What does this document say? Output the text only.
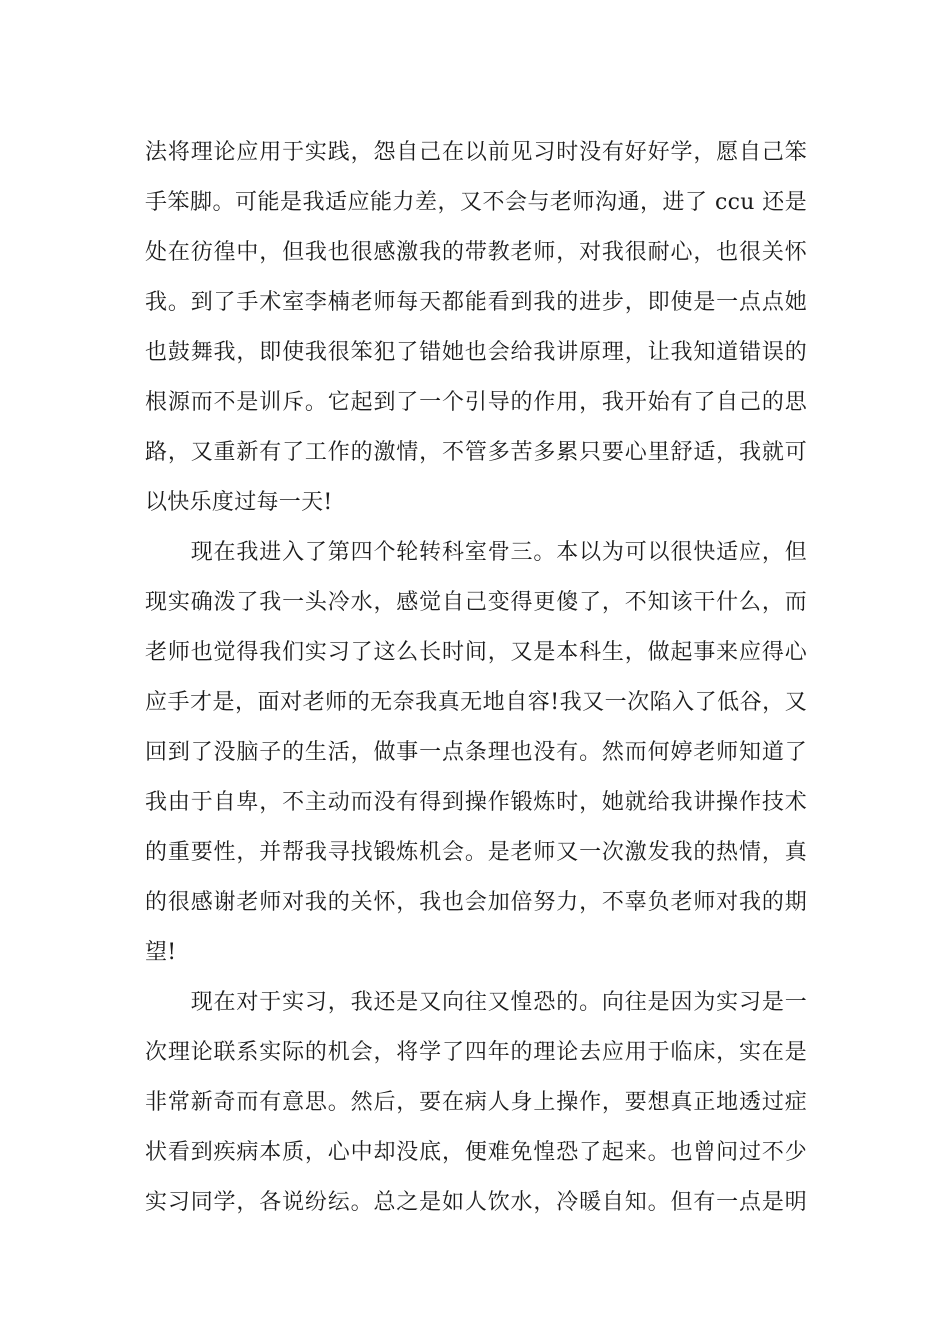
法将理论应用于实践，怨自己在以前见习时没有好好学，愿自己笨
手笨脚。可能是我适应能力差，又不会与老师沟通，进了 ccu 还是
处在彷徨中，但我也很感激我的带教老师，对我很耐心，也很关怀
我。到了手术室李楠老师每天都能看到我的进步，即使是一点点她
也鼓舞我，即使我很笨犯了错她也会给我讲原理，让我知道错误的
根源而不是训斥。它起到了一个引导的作用，我开始有了自己的思
路，又重新有了工作的激情，不管多苦多累只要心里舒适，我就可
以快乐度过每一天!
　　现在我进入了第四个轮转科室骨三。本以为可以很快适应，但
现实确泼了我一头冷水，感觉自己变得更傻了，不知该干什么，而
老师也觉得我们实习了这么长时间，又是本科生，做起事来应得心
应手才是，面对老师的无奈我真无地自容!我又一次陷入了低谷，又
回到了没脑子的生活，做事一点条理也没有。然而何婷老师知道了
我由于自卑，不主动而没有得到操作锻炼时，她就给我讲操作技术
的重要性，并帮我寻找锻炼机会。是老师又一次激发我的热情，真
的很感谢老师对我的关怀，我也会加倍努力，不辜负老师对我的期
望!
　　现在对于实习，我还是又向往又惶恐的。向往是因为实习是一
次理论联系实际的机会，将学了四年的理论去应用于临床，实在是
非常新奇而有意思。然后，要在病人身上操作，要想真正地透过症
状看到疾病本质，心中却没底，便难免惶恐了起来。也曾问过不少
实习同学，各说纷纭。总之是如人饮水，冷暖自知。但有一点是明
